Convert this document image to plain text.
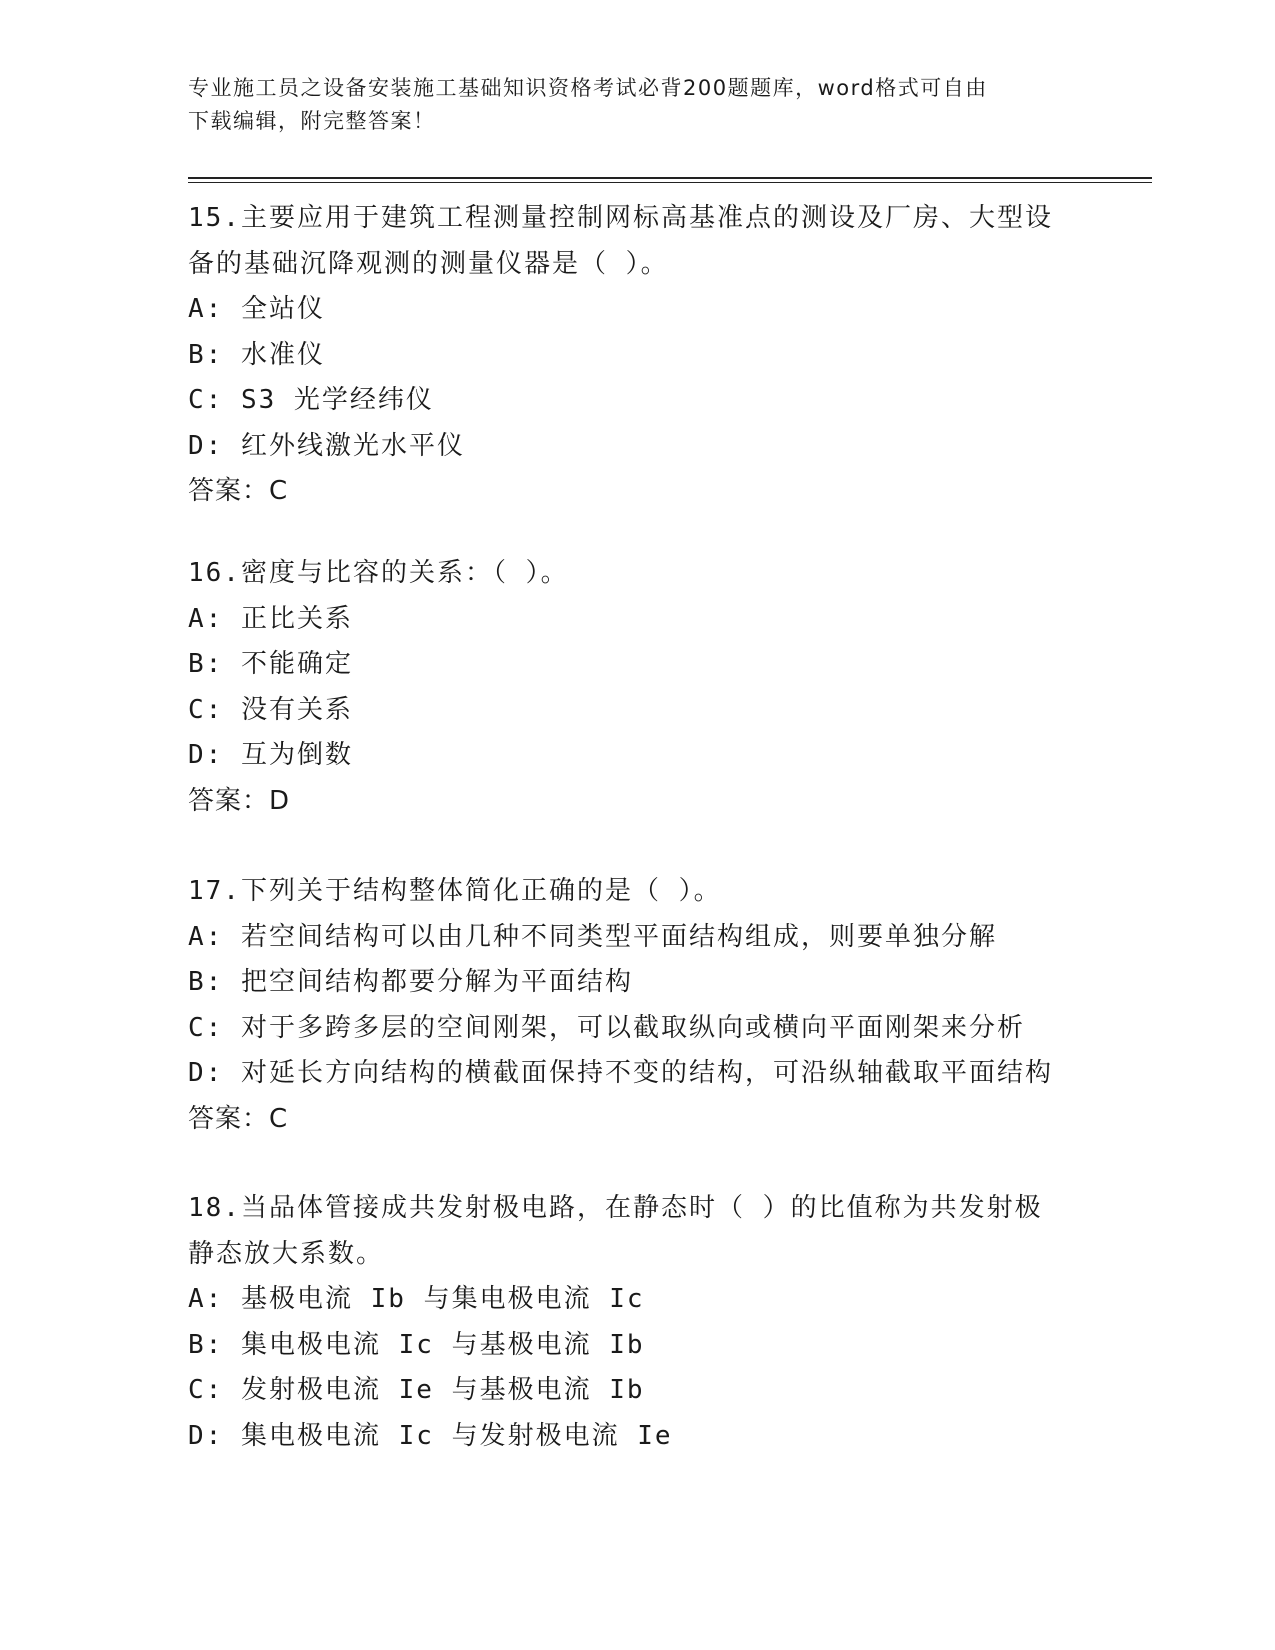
专业施工员之设备安装施工基础知识资格考试必背200题题库，word格式可自由
下载编辑，附完整答案！
15.主要应用于建筑工程测量控制网标高基准点的测设及厂房、大型设
备的基础沉降观测的测量仪器是（ ）。
A: 全站仪
B: 水准仪
C: S3 光学经纬仪
D: 红外线激光水平仪
答案：C
16.密度与比容的关系：（ ）。
A: 正比关系
B: 不能确定
C: 没有关系
D: 互为倒数
答案：D
17.下列关于结构整体简化正确的是（ ）。
A: 若空间结构可以由几种不同类型平面结构组成，则要单独分解
B: 把空间结构都要分解为平面结构
C: 对于多跨多层的空间刚架，可以截取纵向或横向平面刚架来分析
D: 对延长方向结构的横截面保持不变的结构，可沿纵轴截取平面结构
答案：C
18.当品体管接成共发射极电路，在静态时（ ）的比值称为共发射极
静态放大系数。
A: 基极电流 Ib 与集电极电流 Ic
B: 集电极电流 Ic 与基极电流 Ib
C: 发射极电流 Ie 与基极电流 Ib
D: 集电极电流 Ic 与发射极电流 Ie
